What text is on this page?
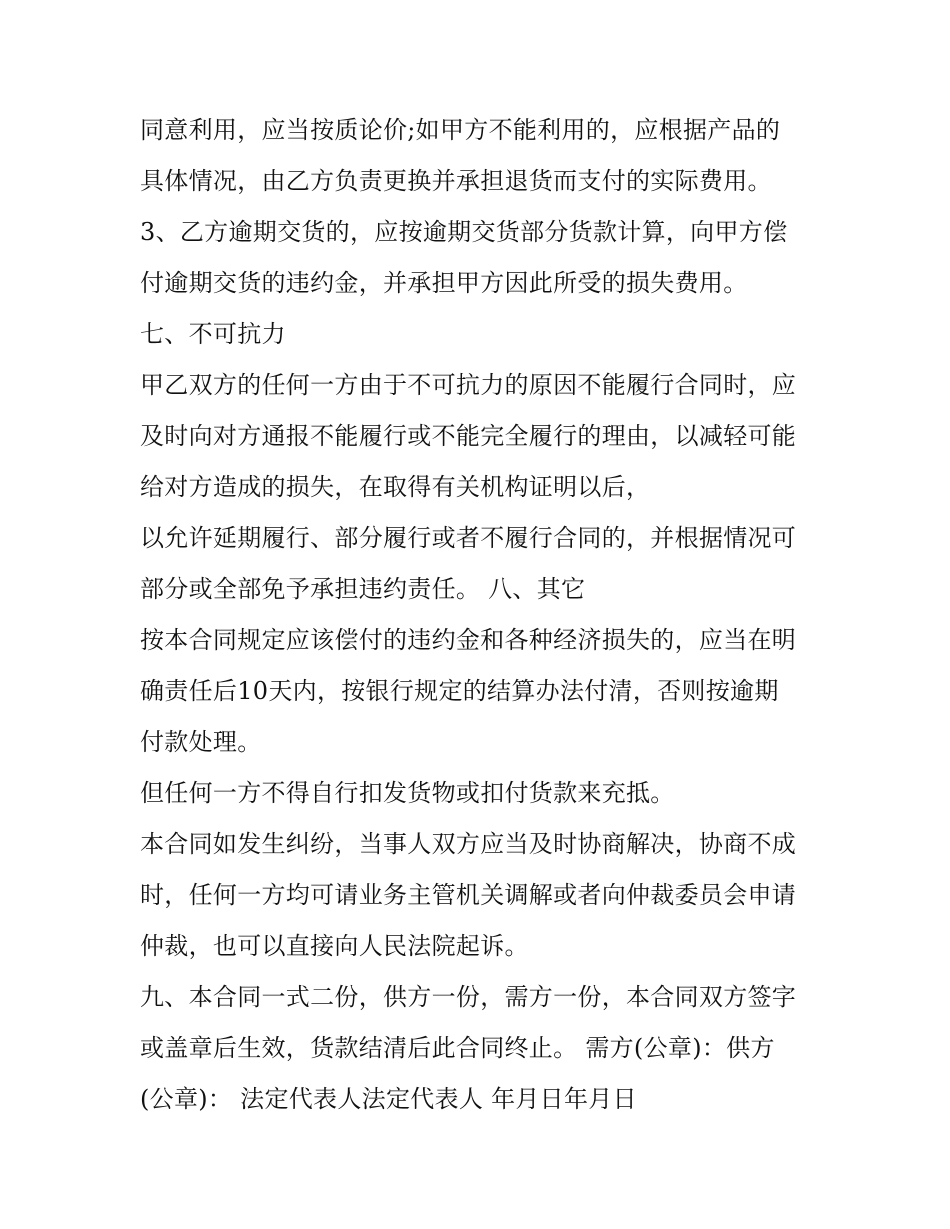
同意利用，应当按质论价;如甲方不能利用的，应根据产品的
具体情况，由乙方负责更换并承担退货而支付的实际费用。
3、乙方逾期交货的，应按逾期交货部分货款计算，向甲方偿
付逾期交货的违约金，并承担甲方因此所受的损失费用。
七、不可抗力
甲乙双方的任何一方由于不可抗力的原因不能履行合同时，应
及时向对方通报不能履行或不能完全履行的理由，以减轻可能
给对方造成的损失，在取得有关机构证明以后，
以允许延期履行、部分履行或者不履行合同的，并根据情况可
部分或全部免予承担违约责任。 八、其它
按本合同规定应该偿付的违约金和各种经济损失的，应当在明
确责任后10天内，按银行规定的结算办法付清，否则按逾期
付款处理。
但任何一方不得自行扣发货物或扣付货款来充抵。
本合同如发生纠纷，当事人双方应当及时协商解决，协商不成
时，任何一方均可请业务主管机关调解或者向仲裁委员会申请
仲裁，也可以直接向人民法院起诉。
九、本合同一式二份，供方一份，需方一份，本合同双方签字
或盖章后生效，货款结清后此合同终止。 需方(公章)：供方
(公章)： 法定代表人法定代表人 年月日年月日
